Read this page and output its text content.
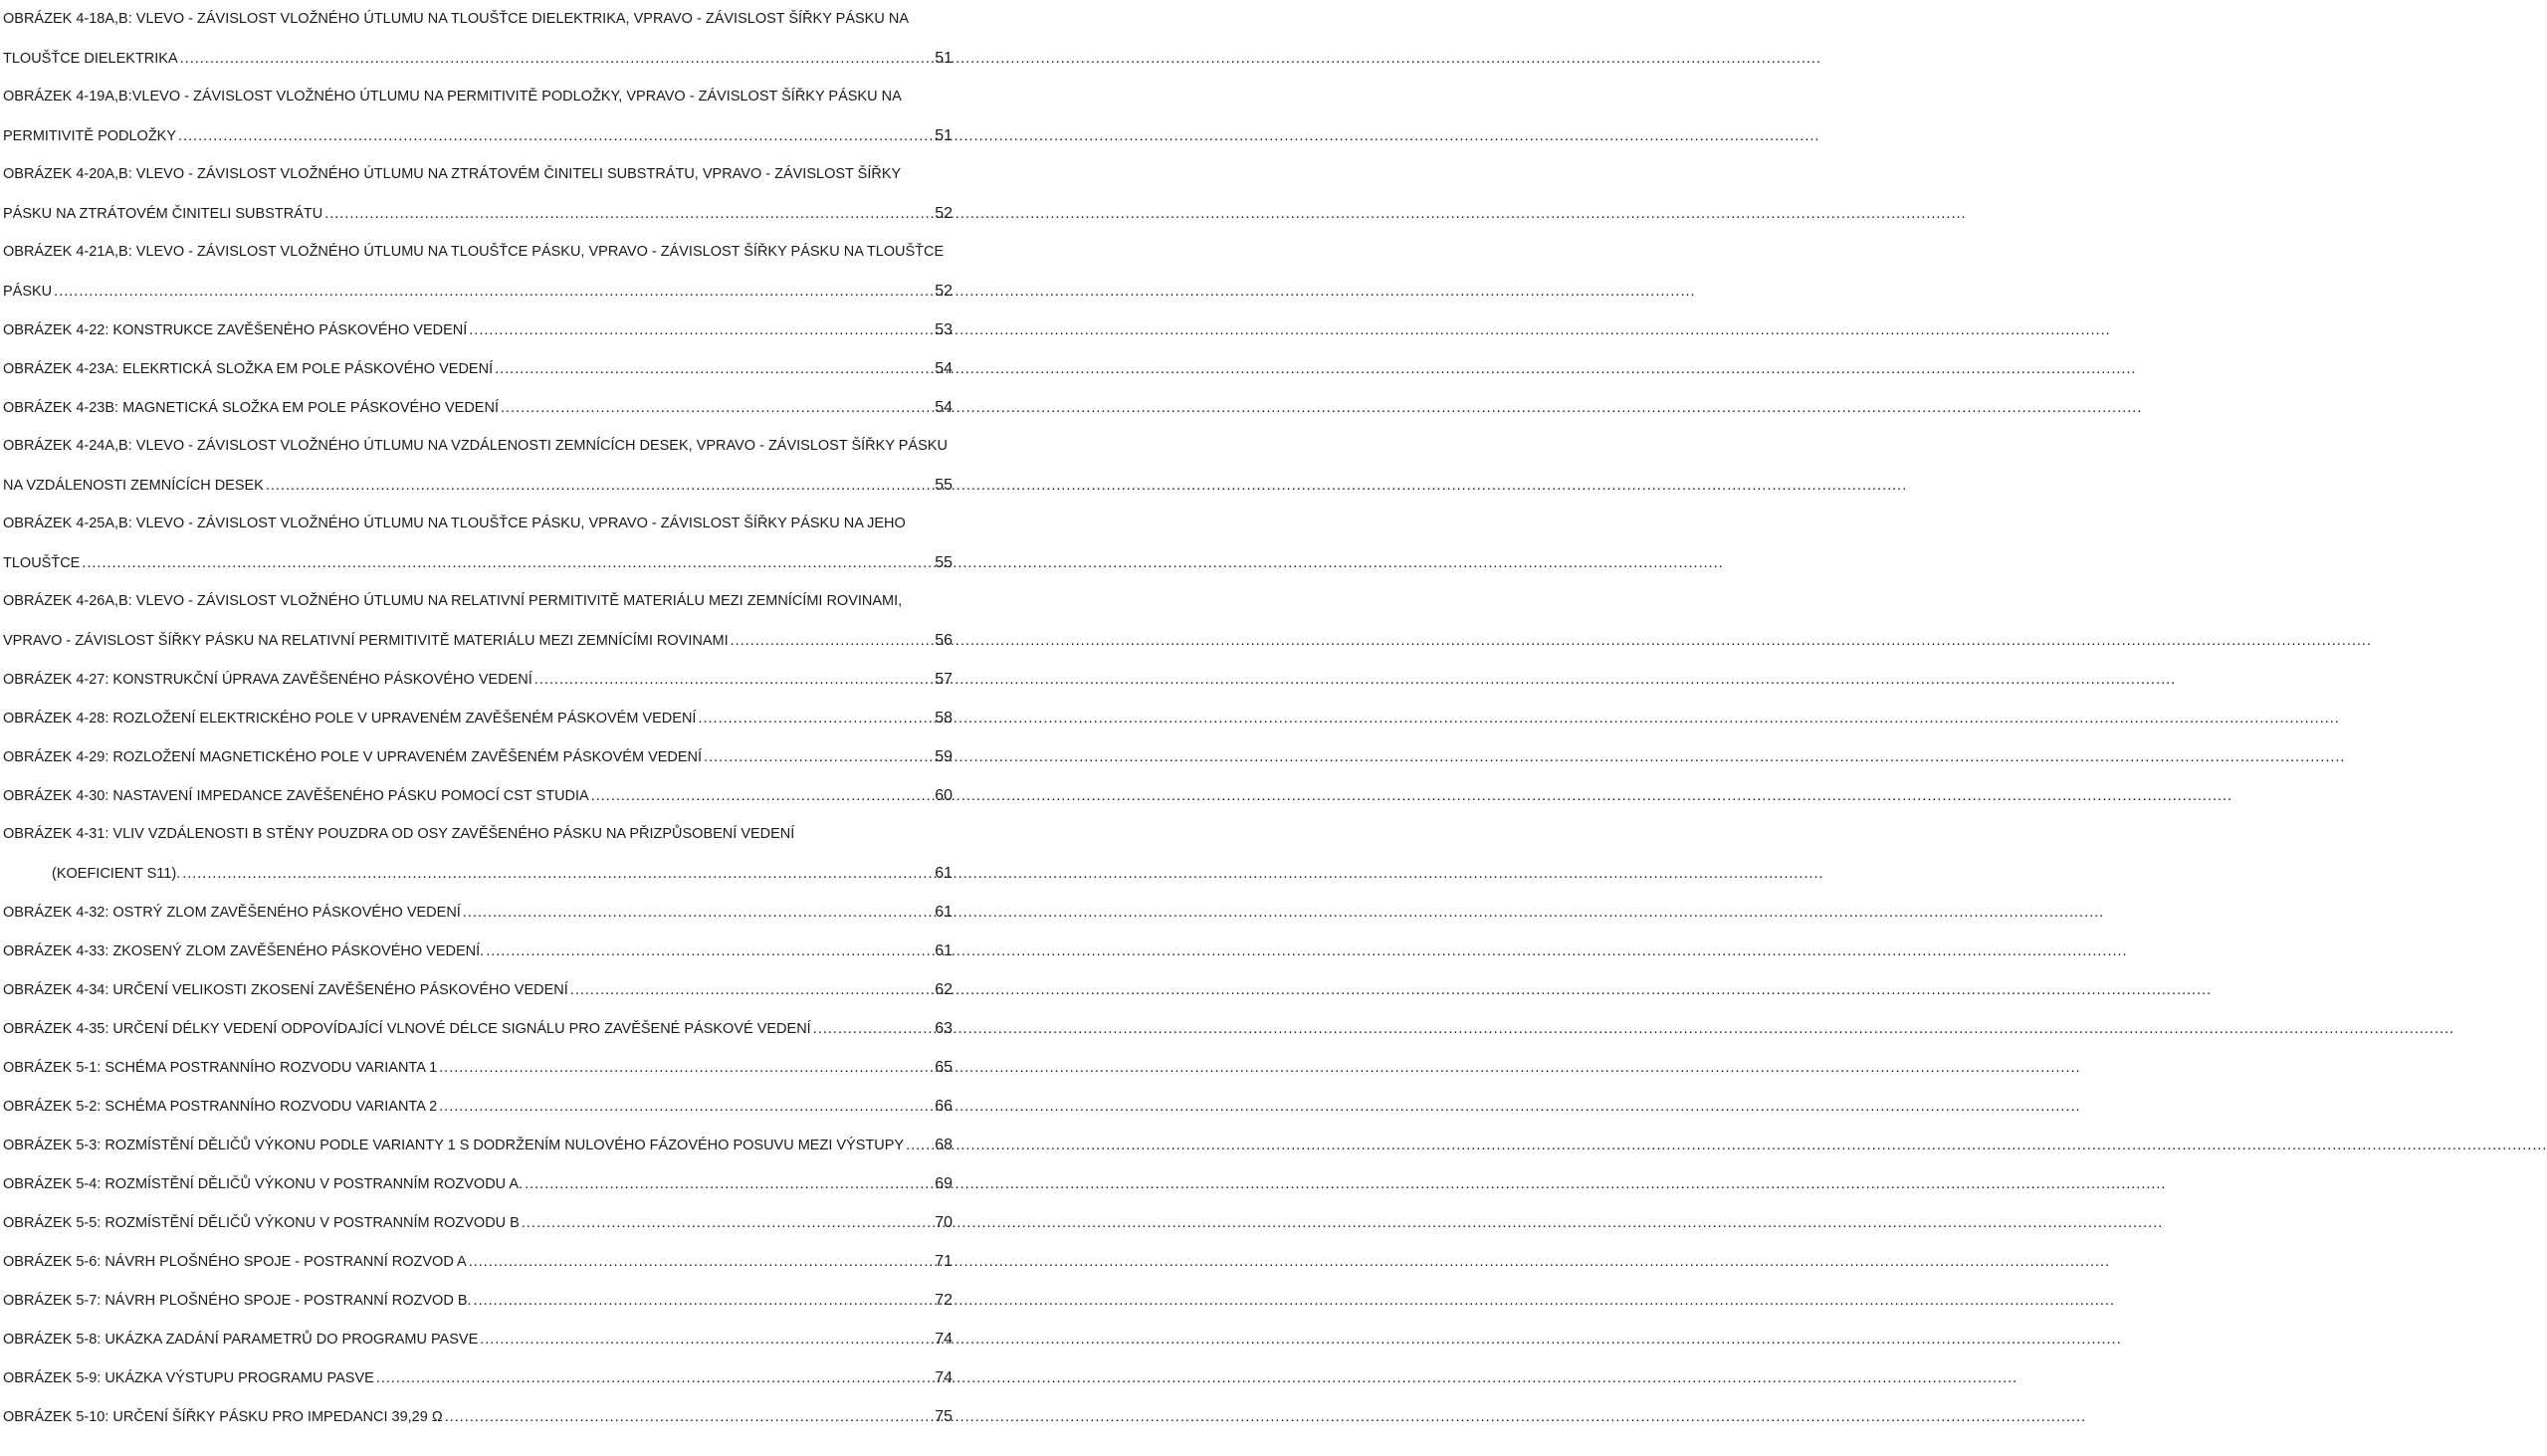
OBRÁZEK 4-18A,B: VLEVO - ZÁVISLOST VLOŽNÉHO ÚTLUMU NA TLOUŠŤCE DIELEKTRIKA, VPRAVO - ZÁVISLOST ŠÍŘKY PÁSKU NA
TLOUŠŤCE DIELEKTRIKA .....	51
OBRÁZEK 4-19A,B:VLEVO - ZÁVISLOST VLOŽNÉHO ÚTLUMU NA PERMITIVITĚ PODLOŽKY, VPRAVO - ZÁVISLOST ŠÍŘKY PÁSKU NA
PERMITIVITĚ PODLOŽKY .....	51
OBRÁZEK 4-20A,B: VLEVO - ZÁVISLOST VLOŽNÉHO ÚTLUMU NA ZTRÁTOVÉM ČINITELI SUBSTRÁTU, VPRAVO - ZÁVISLOST ŠÍŘKY
PÁSKU NA ZTRÁTOVÉM ČINITELI SUBSTRÁTU .....	52
OBRÁZEK 4-21A,B: VLEVO - ZÁVISLOST VLOŽNÉHO ÚTLUMU NA TLOUŠŤCE PÁSKU, VPRAVO - ZÁVISLOST ŠÍŘKY PÁSKU NA TLOUŠŤCE
PÁSKU .....	52
OBRÁZEK 4-22: KONSTRUKCE ZAVĚŠENÉHO PÁSKOVÉHO VEDENÍ .....	53
OBRÁZEK 4-23A: ELEKRTICKÁ SLOŽKA EM POLE PÁSKOVÉHO VEDENÍ .....	54
OBRÁZEK 4-23B: MAGNETICKÁ SLOŽKA EM POLE PÁSKOVÉHO VEDENÍ .....	54
OBRÁZEK 4-24A,B: VLEVO - ZÁVISLOST VLOŽNÉHO ÚTLUMU NA VZDÁLENOSTI ZEMNÍCÍCH DESEK, VPRAVO - ZÁVISLOST ŠÍŘKY PÁSKU
NA VZDÁLENOSTI ZEMNÍCÍCH DESEK .....	55
OBRÁZEK 4-25A,B: VLEVO - ZÁVISLOST VLOŽNÉHO ÚTLUMU NA TLOUŠŤCE PÁSKU, VPRAVO - ZÁVISLOST ŠÍŘKY PÁSKU NA JEHO
TLOUŠŤCE .....	55
OBRÁZEK 4-26A,B: VLEVO - ZÁVISLOST VLOŽNÉHO ÚTLUMU NA RELATIVNÍ PERMITIVITĚ MATERIÁLU MEZI ZEMNÍCÍMI ROVINAMI,
VPRAVO - ZÁVISLOST ŠÍŘKY PÁSKU NA RELATIVNÍ PERMITIVITĚ MATERIÁLU MEZI ZEMNÍCÍMI ROVINAMI .....	56
OBRÁZEK 4-27: KONSTRUKČNÍ ÚPRAVA ZAVĚŠENÉHO PÁSKOVÉHO VEDENÍ .....	57
OBRÁZEK 4-28: ROZLOŽENÍ ELEKTRICKÉHO POLE V UPRAVENÉM ZAVĚŠENÉM PÁSKOVÉM VEDENÍ .....	58
OBRÁZEK 4-29: ROZLOŽENÍ MAGNETICKÉHO POLE V UPRAVENÉM ZAVĚŠENÉM PÁSKOVÉM VEDENÍ .....	59
OBRÁZEK 4-30: NASTAVENÍ IMPEDANCE ZAVĚŠENÉHO PÁSKU POMOCÍ CST STUDIA .....	60
OBRÁZEK 4-31: VLIV VZDÁLENOSTI B STĚNY POUZDRA OD OSY ZAVĚŠENÉHO PÁSKU NA PŘIZPŮSOBENÍ VEDENÍ
(KOEFICIENT S11). .....	61
OBRÁZEK 4-32: OSTRÝ ZLOM ZAVĚŠENÉHO PÁSKOVÉHO VEDENÍ .....	61
OBRÁZEK 4-33: ZKOSENÝ ZLOM ZAVĚŠENÉHO PÁSKOVÉHO VEDENÍ. .....	61
OBRÁZEK 4-34: URČENÍ VELIKOSTI ZKOSENÍ ZAVĚŠENÉHO PÁSKOVÉHO VEDENÍ .....	62
OBRÁZEK 4-35: URČENÍ DÉLKY VEDENÍ ODPOVÍDAJÍCÍ VLNOVÉ DÉLCE SIGNÁLU PRO ZAVĚŠENÉ PÁSKOVÉ VEDENÍ .....	63
OBRÁZEK 5-1: SCHÉMA POSTRANNÍHO ROZVODU VARIANTA 1 .....	65
OBRÁZEK 5-2: SCHÉMA POSTRANNÍHO ROZVODU VARIANTA 2 .....	66
OBRÁZEK 5-3: ROZMÍSTĚNÍ DĚLIČŮ VÝKONU PODLE VARIANTY 1 S DODRŽENÍM NULOVÉHO FÁZOVÉHO POSUVU MEZI VÝSTUPY ..... 68
OBRÁZEK 5-4: ROZMÍSTĚNÍ DĚLIČŮ VÝKONU V POSTRANNÍM ROZVODU A. .....	69
OBRÁZEK 5-5: ROZMÍSTĚNÍ DĚLIČŮ VÝKONU V POSTRANNÍM ROZVODU B .....	70
OBRÁZEK 5-6: NÁVRH PLOŠNÉHO SPOJE - POSTRANNÍ ROZVOD A .....	71
OBRÁZEK 5-7: NÁVRH PLOŠNÉHO SPOJE - POSTRANNÍ ROZVOD B. .....	72
OBRÁZEK 5-8: UKÁZKA ZADÁNÍ PARAMETRŮ DO PROGRAMU PASVE .....	74
OBRÁZEK 5-9: UKÁZKA VÝSTUPU PROGRAMU PASVE .....	74
OBRÁZEK 5-10: URČENÍ ŠÍŘKY PÁSKU PRO IMPEDANCI 39,29 Ω .....	75
